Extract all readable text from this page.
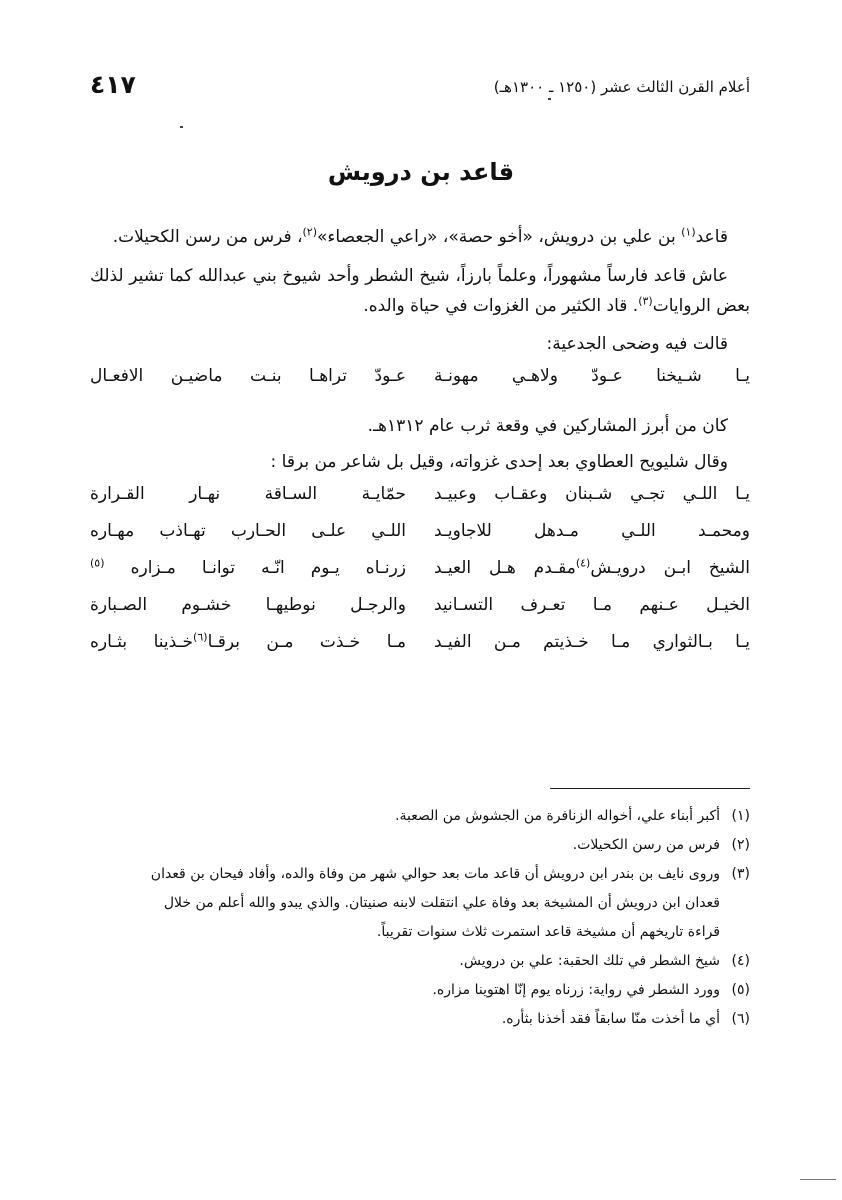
أعلام القرن الثالث عشر (١٢٥٠ ـ ١٣٠٠هـ)
٤١٧
قاعد بن درويش

قاعد$^{(١)}$ بن علي بن درويش، «أخو حصة»، «راعي الجعصاء»$^{(٢)}$، فرس من رسن الكحيلات.

عاش قاعد فارساً مشهوراً، وعلماً بارزاً، شيخ الشطر وأحد شيوخ بني عبدالله كما تشير لذلك بعض الروايات$^{(٣)}$. قاد الكثير من الغزوات في حياة والده.

قالت فيه وضحى الجدعية:

يـا شـيخنا عـودّ ولاهـي مهونـة
عـودّ تراهـا بنـت ماضيـن الافعـال

كان من أبرز المشاركين في وقعة ثرب عام ١٣١٢هـ.

وقال شليويح العطاوي بعد إحدى غزواته، وقيل بل شاعر من برقا :

يـا اللـي تجـي شـبنان وعقـاب وعبيـد
حمّايـة السـاقة نهـار القـرارة
ومحمـد اللـي مـدهل للاجاويـد
اللـي علـى الحـارب تهـاذب مهـاره
الشيخ ابـن درويـش$^{(٤)}$مقـدم هـل العيـد
زرنـاه يـوم انّـه توانـا مـزاره $^{(٥)}$
الخيـل عـنهم مـا تعـرف التسـانيد
والرجـل نوطيهـا خشـوم الصـبارة
يـا بـالثواري مـا خـذيتم مـن الفيـد
مـا خـذت مـن برقـا$^{(٦)}$خـذينا بثـاره

(١)أكبر أبناء علي، أخواله الزنافرة من الجشوش من الصعبة.

(٢)فرس من رسن الكحيلات.

(٣)وروى نايف بن بندر ابن درويش أن قاعد مات بعد حوالي شهر من وفاة والده، وأفاد فيحان بن قعدان
قعدان ابن درويش أن المشيخة بعد وفاة علي انتقلت لابنه صنيتان. والذي يبدو والله أعلم من خلال
قراءة تاريخهم أن مشيخة قاعد استمرت ثلاث سنوات تقريباً.

(٤)شيخ الشطر في تلك الحقبة: علي بن درويش.

(٥)وورد الشطر في رواية: زرناه يوم إنّا اهتوينا مزاره.

(٦)أي ما أخذت منّا سابقاً فقد أخذنا بثأره.
